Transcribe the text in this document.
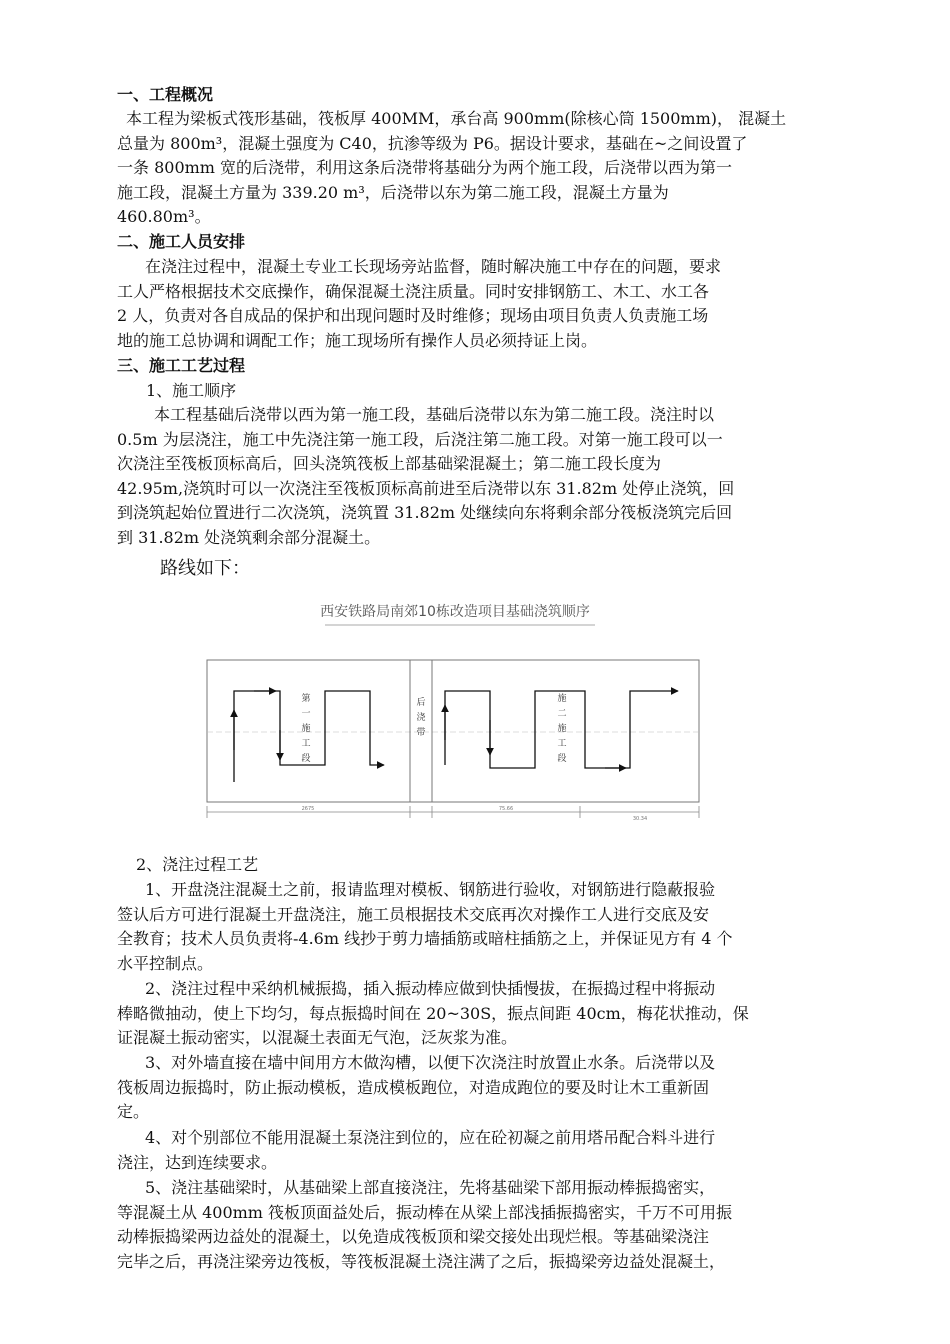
一、工程概况
本工程为梁板式筏形基础，筏板厚 400MM，承台高 900mm(除核心筒 1500mm)， 混凝土
总量为 800m³，混凝土强度为 C40，抗渗等级为 P6。据设计要求，基础在~之间设置了
一条 800mm 宽的后浇带，利用这条后浇带将基础分为两个施工段，后浇带以西为第一
施工段，混凝土方量为 339.20 m³，后浇带以东为第二施工段，混凝土方量为
460.80m³。
二、施工人员安排
在浇注过程中，混凝土专业工长现场旁站监督，随时解决施工中存在的问题，要求
工人严格根据技术交底操作，确保混凝土浇注质量。同时安排钢筋工、木工、水工各
2 人，负责对各自成品的保护和出现问题时及时维修；现场由项目负责人负责施工场
地的施工总协调和调配工作；施工现场所有操作人员必须持证上岗。
三、施工工艺过程
1、施工顺序
本工程基础后浇带以西为第一施工段，基础后浇带以东为第二施工段。浇注时以
0.5m 为层浇注，施工中先浇注第一施工段，后浇注第二施工段。对第一施工段可以一
次浇注至筏板顶标高后，回头浇筑筏板上部基础梁混凝土；第二施工段长度为
42.95m,浇筑时可以一次浇注至筏板顶标高前进至后浇带以东 31.82m 处停止浇筑，回
到浇筑起始位置进行二次浇筑，浇筑置 31.82m 处继续向东将剩余部分筏板浇筑完后回
到 31.82m 处浇筑剩余部分混凝土。
路线如下：
西安铁路局南郊10栋改造项目基础浇筑顺序
第
一
施
工
段
后
浇
带
施
二
施
工
段
2675	75.66
30.34
2、浇注过程工艺
1、开盘浇注混凝土之前，报请监理对模板、钢筋进行验收，对钢筋进行隐蔽报验
签认后方可进行混凝土开盘浇注，施工员根据技术交底再次对操作工人进行交底及安
全教育；技术人员负责将-4.6m 线抄于剪力墙插筋或暗柱插筋之上，并保证见方有 4 个
水平控制点。
2、浇注过程中采纳机械振捣，插入振动棒应做到快插慢拔，在振捣过程中将振动
棒略微抽动，使上下均匀，每点振捣时间在 20~30S，振点间距 40cm，梅花状推动，保
证混凝土振动密实，以混凝土表面无气泡，泛灰浆为准。
3、对外墙直接在墙中间用方木做沟槽，以便下次浇注时放置止水条。后浇带以及
筏板周边振捣时，防止振动模板，造成模板跑位，对造成跑位的要及时让木工重新固
定。
4、对个别部位不能用混凝土泵浇注到位的，应在砼初凝之前用塔吊配合料斗进行
浇注，达到连续要求。
5、浇注基础梁时，从基础梁上部直接浇注，先将基础梁下部用振动棒振捣密实，
等混凝土从 400mm 筏板顶面益处后，振动棒在从梁上部浅插振捣密实，千万不可用振
动棒振捣梁两边益处的混凝土，以免造成筏板顶和梁交接处出现烂根。等基础梁浇注
完毕之后，再浇注梁旁边筏板，等筏板混凝土浇注满了之后，振捣梁旁边益处混凝土，
